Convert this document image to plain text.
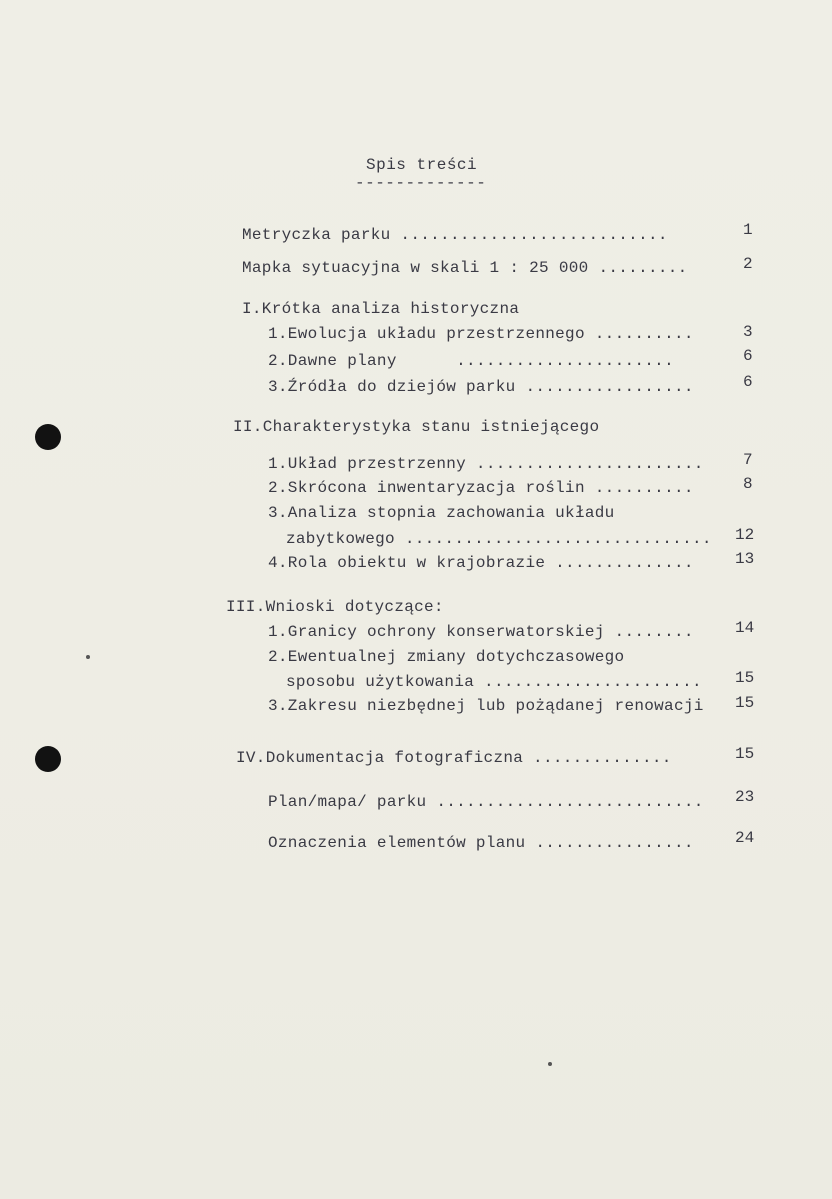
Spis treści
-------------
Metryczka parku ...........................	1
Mapka sytuacyjna w skali 1 : 25 000 .........	2
I.Krótka analiza historyczna
1.Ewolucja układu przestrzennego ..........	3
2.Dawne plany      ......................	6
3.Źródła do dziejów parku .................	6
II.Charakterystyka stanu istniejącego
1.Układ przestrzenny ....................... 7
2.Skrócona inwentaryzacja roślin ..........	8
3.Analiza stopnia zachowania układu
zabytkowego ............................... 12
4.Rola obiektu w krajobrazie ..............	13
III.Wnioski dotyczące:
1.Granicy ochrony konserwatorskiej ........	14
2.Ewentualnej zmiany dotychczasowego
sposobu użytkowania ...................... 15
3.Zakresu niezbędnej lub pożądanej renowacji 15
IV.Dokumentacja fotograficzna ..............	15
Plan/mapa/ parku ........................... 23
Oznaczenia elementów planu ................	24
